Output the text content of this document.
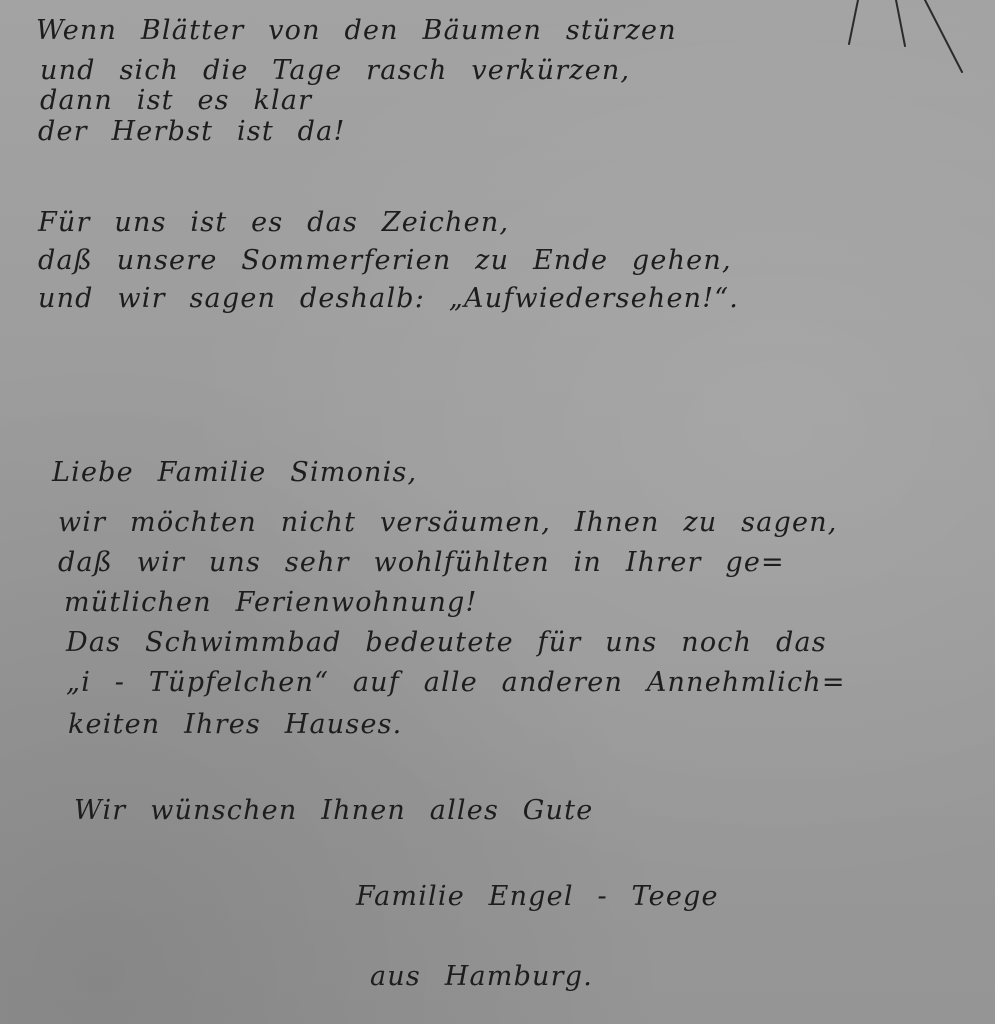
Wenn Blätter von den Bäumen stürzen
und sich die Tage rasch verkürzen,
dann ist es klar
der Herbst ist da!
Für uns ist es das Zeichen,
daß unsere Sommerferien zu Ende gehen,
und wir sagen deshalb: „Aufwiedersehen!“.
Liebe Familie Simonis,
wir möchten nicht versäumen, Ihnen zu sagen,
daß wir uns sehr wohlfühlten in Ihrer ge=
mütlichen Ferienwohnung!
Das Schwimmbad bedeutete für uns noch das
„i - Tüpfelchen“ auf alle anderen Annehmlich=
keiten Ihres Hauses.
Wir wünschen Ihnen alles Gute
Familie Engel - Teege
aus Hamburg.
